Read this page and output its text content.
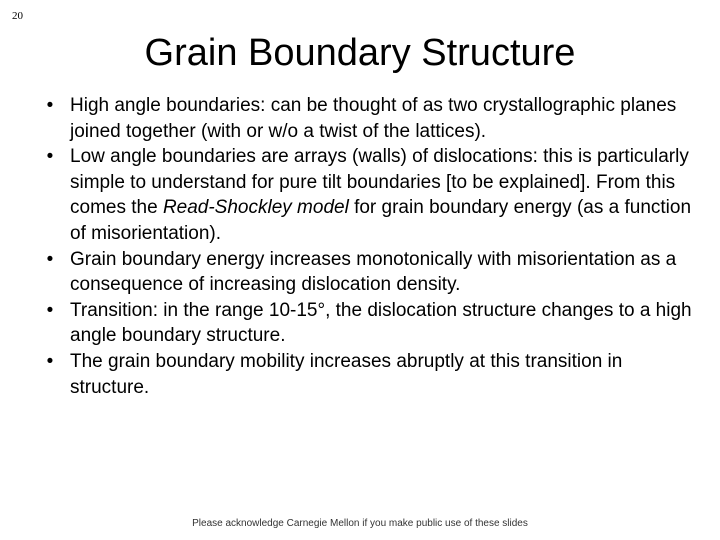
20
Grain Boundary Structure
• High angle boundaries: can be thought of as two crystallographic planes joined together (with or w/o a twist of the lattices).
• Low angle boundaries are arrays (walls) of dislocations: this is particularly simple to understand for pure tilt boundaries [to be explained]. From this comes the Read-Shockley model for grain boundary energy (as a function of misorientation).
• Grain boundary energy increases monotonically with misorientation as a consequence of increasing dislocation density.
• Transition: in the range 10-15°, the dislocation structure changes to a high angle boundary structure.
• The grain boundary mobility increases abruptly at this transition in structure.
Please acknowledge Carnegie Mellon if you make public use of these slides
